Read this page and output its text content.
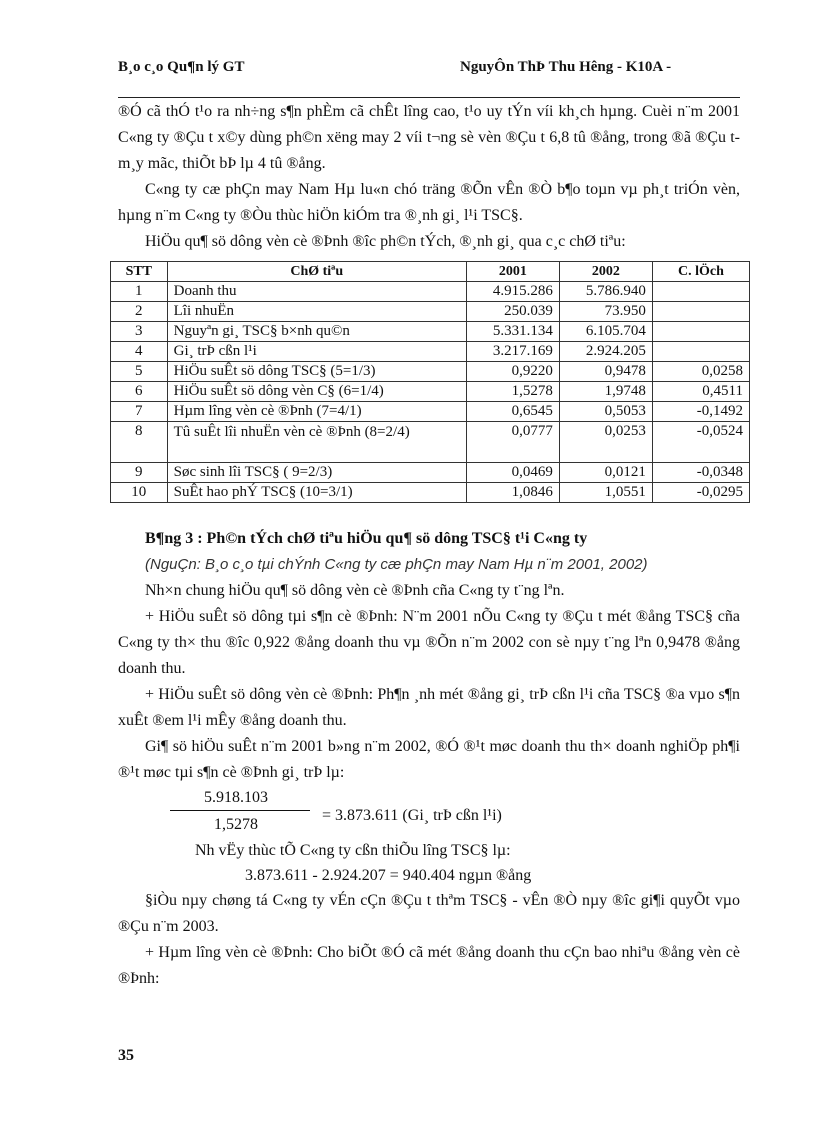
B¸o c¸o Qu¶n lý GT	NguyÔn ThÞ Thu Hêng - K10A -
®Ó cã thÓ t¹o ra nh÷ng s¶n phÈm cã chÊt lîng cao, t¹o uy tÝn víi kh¸ch hµng. Cuèi n¨m 2001 C«ng ty ®Çu t x©y dùng ph©n xëng may 2 víi t¬ng sè vèn ®Çu t 6,8 tû ®ång, trong ®ã ®Çu t m¸y mãc, thiÕt bÞ lµ 4 tû ®ång.
C«ng ty cæ phÇn may Nam Hµ lu«n chó träng ®Õn vÊn ®Ò b¶o toµn vµ ph¸t triÓn vèn, hµng n¨m C«ng ty ®Òu thùc hiÖn kiÓm tra ®¸nh gi¸ l¹i TSC§.
HiÖu qu¶ sö dông vèn cè ®Þnh ®îc ph©n tÝch, ®¸nh gi¸ qua c¸c chØ tiªu:
STT	ChØ tiªu	2001	2002	C. lÖch
1	Doanh thu	4.915.286	5.786.940	
2	Lîi nhuËn	250.039	73.950	
3	Nguyªn gi¸ TSC§ b×nh qu©n	5.331.134	6.105.704	
4	Gi¸ trÞ cßn l¹i	3.217.169	2.924.205	
5	HiÖu suÊt sö dông TSC§ (5=1/3)	0,9220	0,9478	0,0258
6	HiÖu suÊt sö dông vèn C§ (6=1/4)	1,5278	1,9748	0,4511
7	Hµm lîng vèn cè ®Þnh (7=4/1)	0,6545	0,5053	-0,1492
8	Tû suÊt lîi nhuËn vèn cè ®Þnh (8=2/4)	0,0777	0,0253	-0,0524
9	Søc sinh lîi TSC§ ( 9=2/3)	0,0469	0,0121	-0,0348
10	SuÊt hao phÝ TSC§ (10=3/1)	1,0846	1,0551	-0,0295
B¶ng 3 : Ph©n tÝch chØ tiªu hiÖu qu¶ sö dông TSC§ t¹i C«ng ty
(NguÇn: B¸o c¸o tµi chÝnh C«ng ty cæ phÇn may Nam Hµ n¨m 2001, 2002)
Nh×n chung hiÖu qu¶ sö dông vèn cè ®Þnh cña C«ng ty t¨ng lªn.
+ HiÖu suÊt sö dông tµi s¶n cè ®Þnh: N¨m 2001 nÕu C«ng ty ®Çu t mét ®ång TSC§ cña C«ng ty th× thu ®îc 0,922 ®ång doanh thu vµ ®Õn n¨m 2002 con sè nµy t¨ng lªn 0,9478 ®ång doanh thu.
+ HiÖu suÊt sö dông vèn cè ®Þnh: Ph¶n ¸nh mét ®ång gi¸ trÞ cßn l¹i cña TSC§ ®a vµo s¶n xuÊt ®em l¹i mÊy ®ång doanh thu.
Gi¶ sö hiÖu suÊt n¨m 2001 b»ng n¨m 2002, ®Ó ®¹t møc doanh thu th× doanh nghiÖp ph¶i ®¹t møc tµi s¶n cè ®Þnh gi¸ trÞ lµ:
5.918.103
1,5278
= 3.873.611 (Gi¸ trÞ cßn l¹i)
Nh vËy thùc tÕ C«ng ty cßn thiÕu lîng TSC§ lµ:
3.873.611 - 2.924.207 = 940.404 ngµn ®ång
§iÒu nµy chøng tá C«ng ty vÉn cÇn ®Çu t thªm TSC§ - vÊn ®Ò nµy ®îc gi¶i quyÕt vµo ®Çu n¨m 2003.
+ Hµm lîng vèn cè ®Þnh: Cho biÕt ®Ó cã mét ®ång doanh thu cÇn bao nhiªu ®ång vèn cè ®Þnh:
35
